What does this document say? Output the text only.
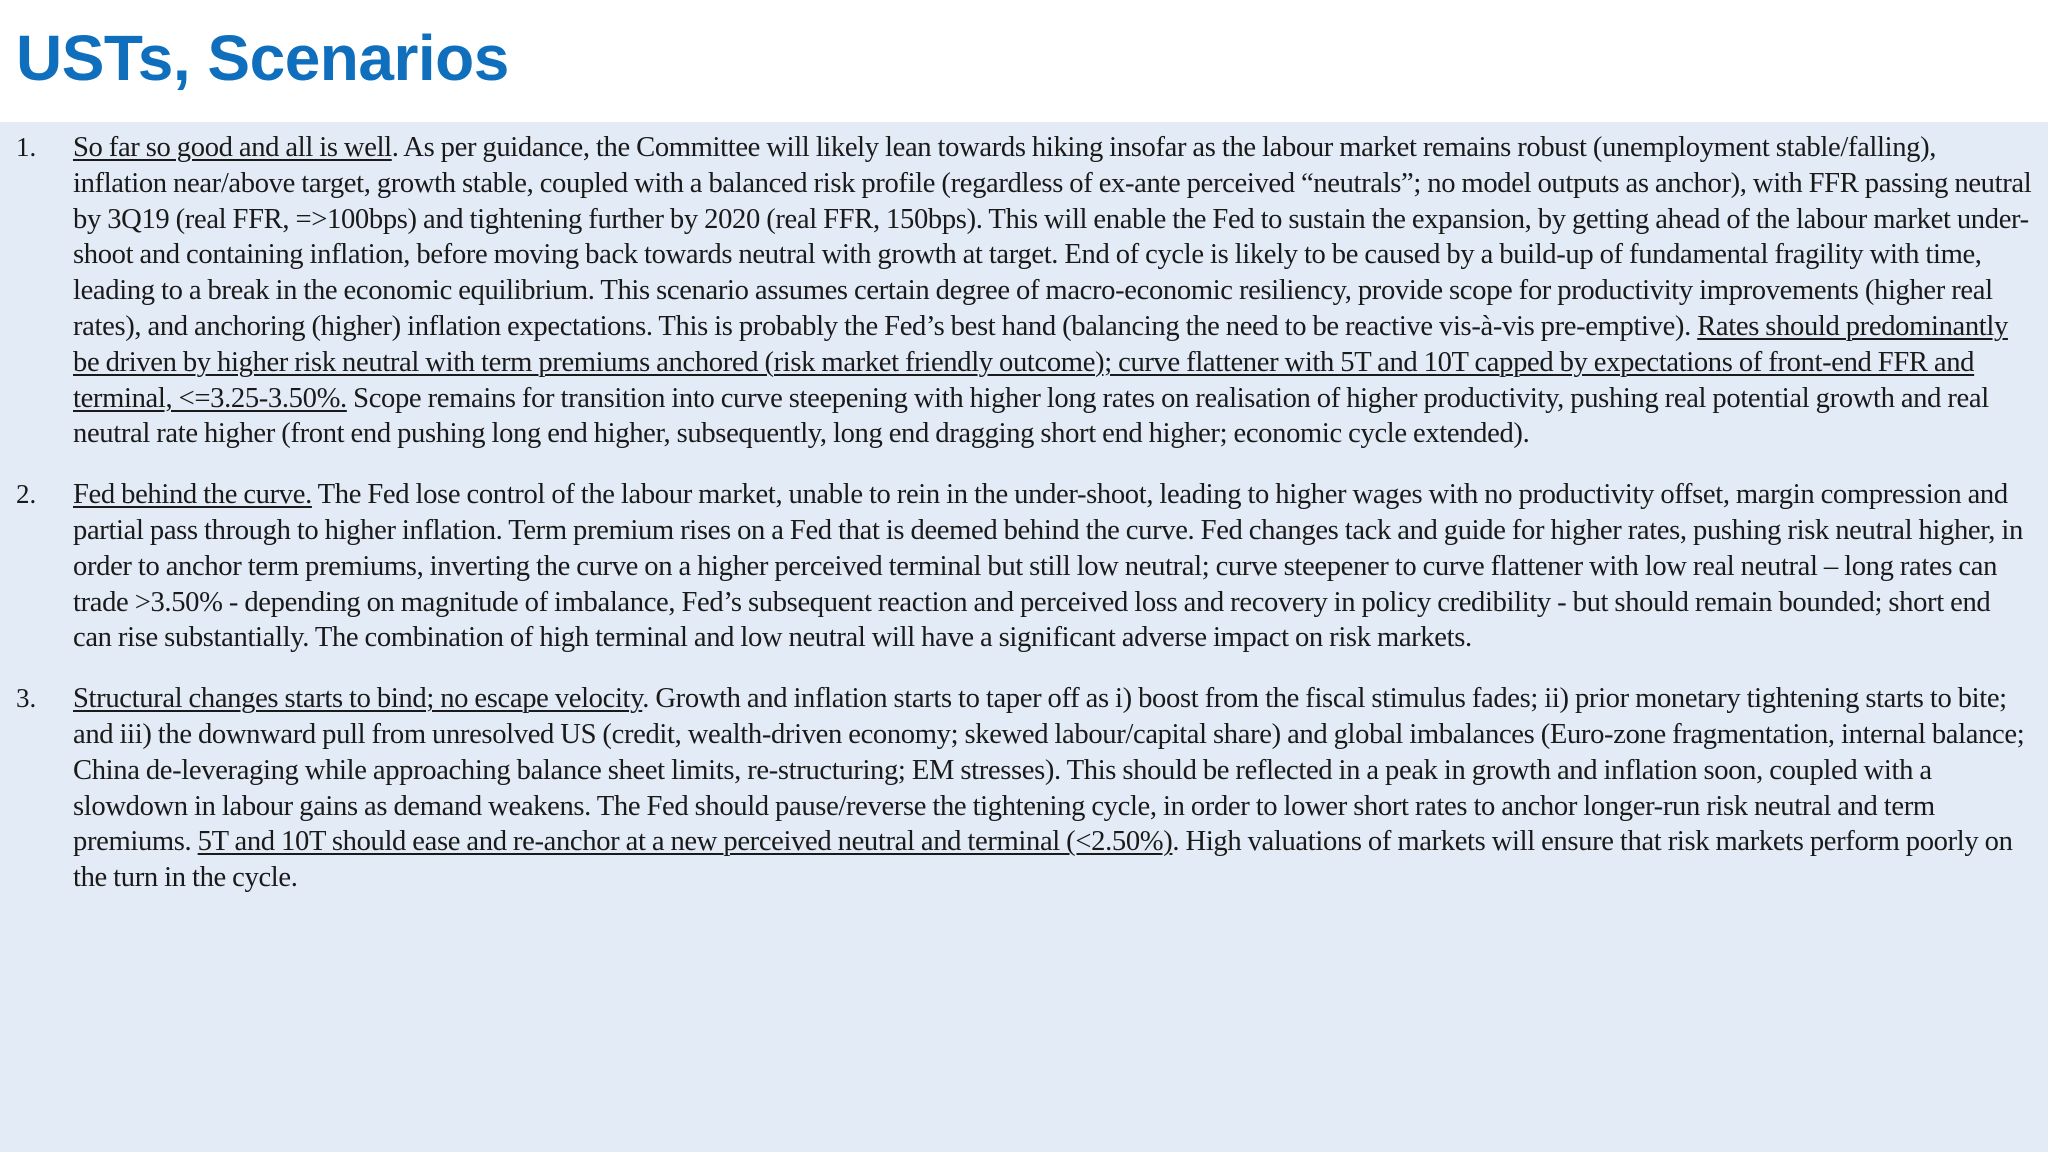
USTs, Scenarios
1. So far so good and all is well. As per guidance, the Committee will likely lean towards hiking insofar as the labour market remains robust (unemployment stable/falling), inflation near/above target, growth stable, coupled with a balanced risk profile (regardless of ex-ante perceived “neutrals”; no model outputs as anchor), with FFR passing neutral by 3Q19 (real FFR, =>100bps) and tightening further by 2020 (real FFR, 150bps). This will enable the Fed to sustain the expansion, by getting ahead of the labour market under-shoot and containing inflation, before moving back towards neutral with growth at target. End of cycle is likely to be caused by a build-up of fundamental fragility with time, leading to a break in the economic equilibrium. This scenario assumes certain degree of macro-economic resiliency, provide scope for productivity improvements (higher real rates), and anchoring (higher) inflation expectations. This is probably the Fed’s best hand (balancing the need to be reactive vis-à-vis pre-emptive). Rates should predominantly be driven by higher risk neutral with term premiums anchored (risk market friendly outcome); curve flattener with 5T and 10T capped by expectations of front-end FFR and terminal, <=3.25-3.50%. Scope remains for transition into curve steepening with higher long rates on realisation of higher productivity, pushing real potential growth and real neutral rate higher (front end pushing long end higher, subsequently, long end dragging short end higher; economic cycle extended).

2. Fed behind the curve. The Fed lose control of the labour market, unable to rein in the under-shoot, leading to higher wages with no productivity offset, margin compression and partial pass through to higher inflation. Term premium rises on a Fed that is deemed behind the curve. Fed changes tack and guide for higher rates, pushing risk neutral higher, in order to anchor term premiums, inverting the curve on a higher perceived terminal but still low neutral; curve steepener to curve flattener with low real neutral – long rates can trade >3.50% - depending on magnitude of imbalance, Fed’s subsequent reaction and perceived loss and recovery in policy credibility - but should remain bounded; short end can rise substantially. The combination of high terminal and low neutral will have a significant adverse impact on risk markets.

3. Structural changes starts to bind; no escape velocity. Growth and inflation starts to taper off as i) boost from the fiscal stimulus fades; ii) prior monetary tightening starts to bite; and iii) the downward pull from unresolved US (credit, wealth-driven economy; skewed labour/capital share) and global imbalances (Euro-zone fragmentation, internal balance; China de-leveraging while approaching balance sheet limits, re-structuring; EM stresses). This should be reflected in a peak in growth and inflation soon, coupled with a slowdown in labour gains as demand weakens. The Fed should pause/reverse the tightening cycle, in order to lower short rates to anchor longer-run risk neutral and term premiums. 5T and 10T should ease and re-anchor at a new perceived neutral and terminal (<2.50%). High valuations of markets will ensure that risk markets perform poorly on the turn in the cycle.
